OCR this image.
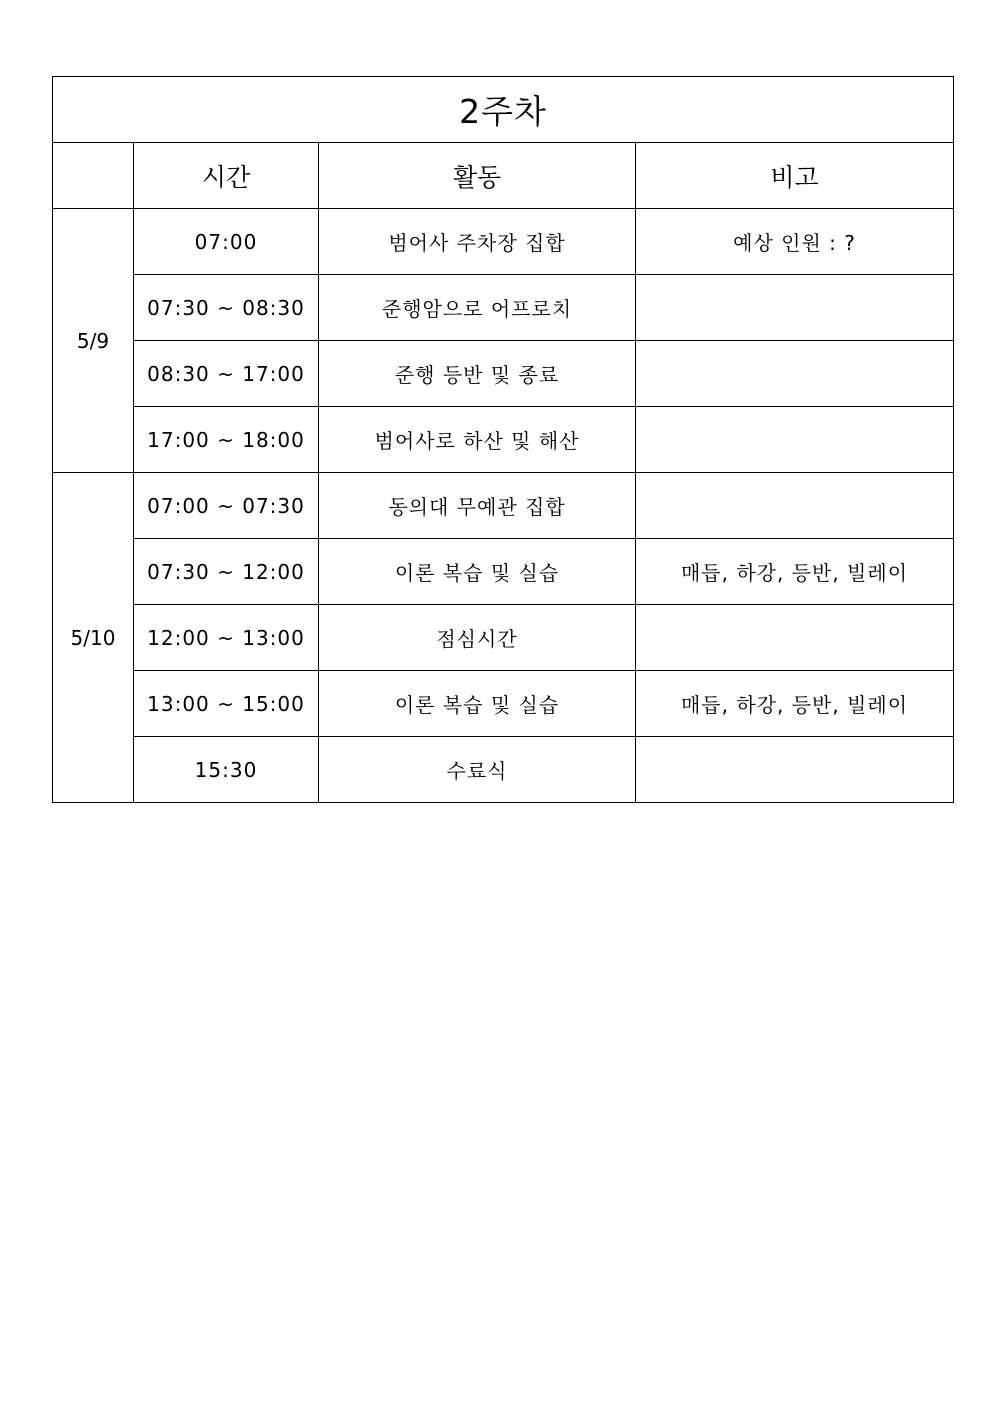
2주차			
	시간	활동	비고
5/9	07:00	범어사 주차장 집합	예상 인원 : ?
	07:30 ~ 08:30	준행암으로 어프로치	
	08:30 ~ 17:00	준행 등반 및 종료	
	17:00 ~ 18:00	범어사로 하산 및 해산	
5/10	07:00 ~ 07:30	동의대 무예관 집합	
	07:30 ~ 12:00	이론 복습 및 실습	매듭, 하강, 등반, 빌레이
	12:00 ~ 13:00	점심시간	
	13:00 ~ 15:00	이론 복습 및 실습	매듭, 하강, 등반, 빌레이
	15:30	수료식	
